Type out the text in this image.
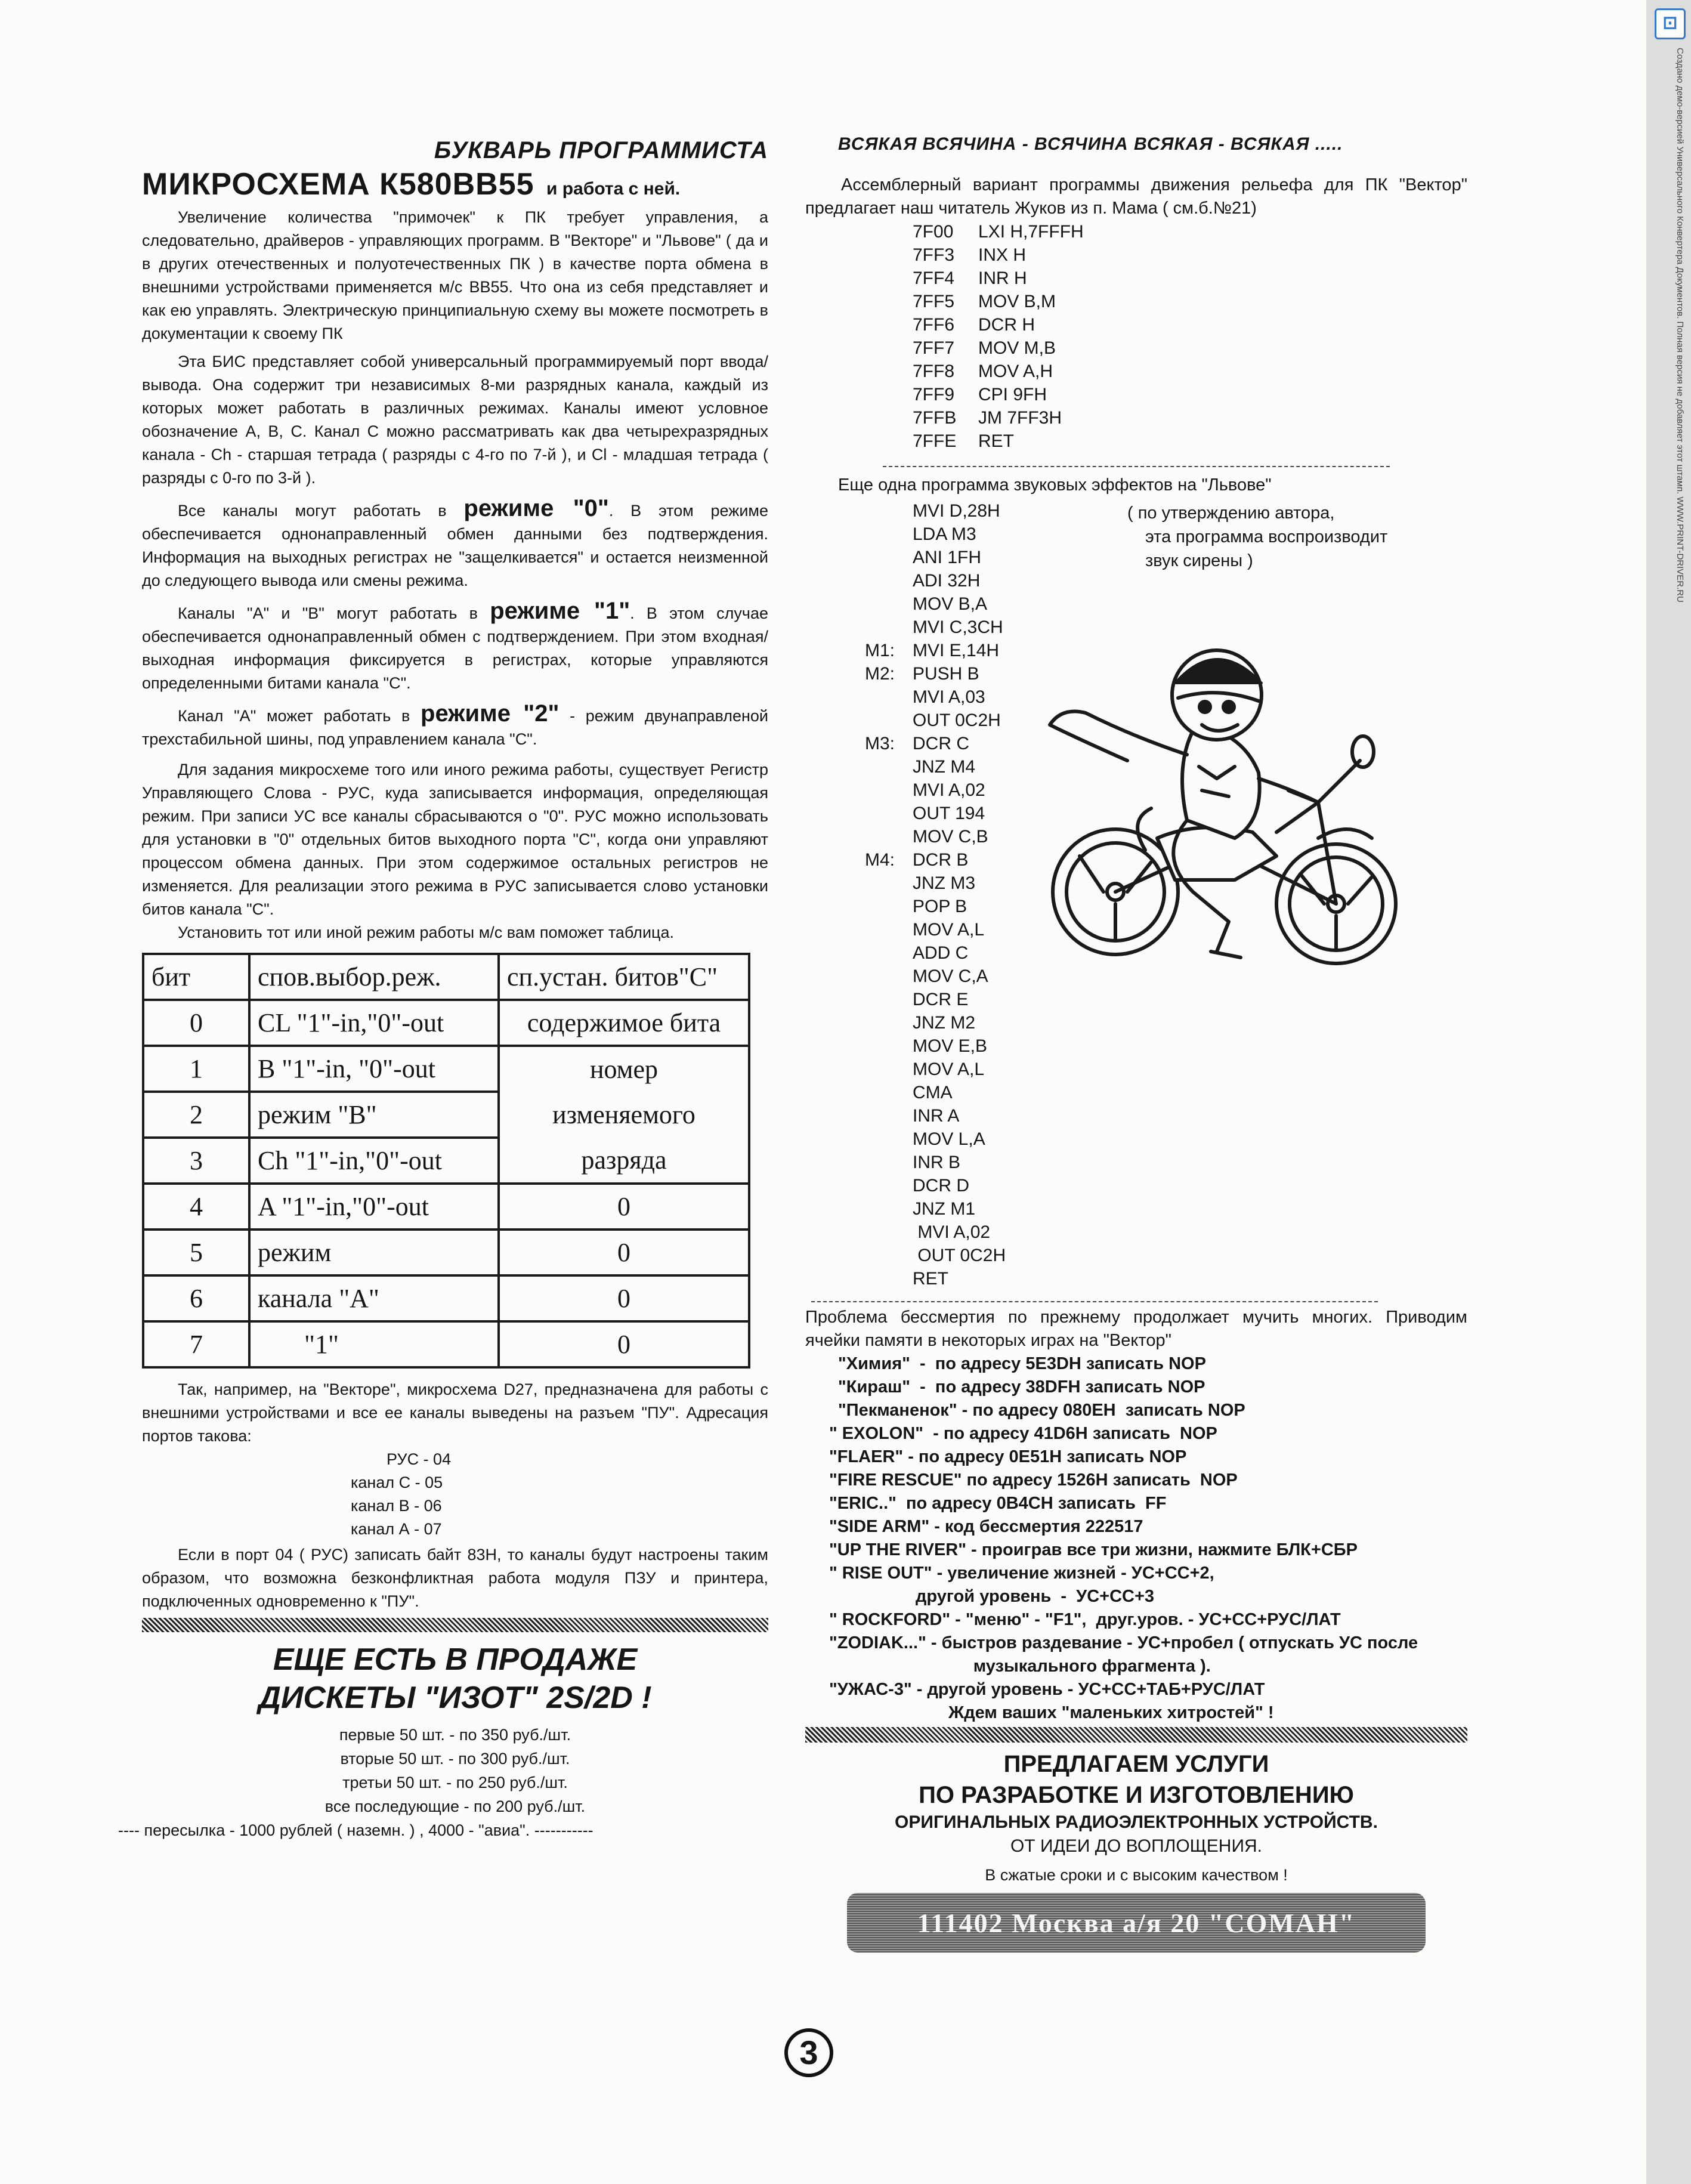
БУКВАРЬ ПРОГРАММИСТА
МИКРОСХЕМА К580ВВ55 и работа с ней.

Увеличение количества "примочек" к ПК требует управления, а следовательно, драйверов - управляющих программ. В "Векторе" и "Львове" ( да и в других отечественных и полуотечественных ПК ) в качестве порта обмена в внешними устройствами применяется м/с ВВ55. Что она из себя представляет и как ею управлять. Электрическую принципиальную схему вы можете посмотреть в документации к своему ПК

Эта БИС представляет собой универсальный программируемый порт ввода/вывода. Она содержит три независимых 8-ми разрядных канала, каждый из которых может работать в различных режимах. Каналы имеют условное обозначение А, В, С. Канал С можно рассматривать как два четырехразрядных канала - Ch - старшая тетрада ( разряды с 4-го по 7-й ), и Cl - младшая тетрада ( разряды с 0-го по 3-й ).

Все каналы могут работать в режиме "0". В этом режиме обеспечивается однонаправленный обмен данными без подтверждения. Информация на выходных регистрах не "защелкивается" и остается неизменной до следующего вывода или смены режима.

Каналы "А" и "В" могут работать в режиме "1". В этом случае обеспечивается однонаправленный обмен с подтверждением. При этом входная/выходная информация фиксируется в регистрах, которые управляются определенными битами канала "С".

Канал "А" может работать в режиме "2" - режим двунаправленой трехстабильной шины, под управлением канала "С".

Для задания микросхеме того или иного режима работы, существует Регистр Управляющего Слова - РУС, куда записывается информация, определяющая режим. При записи УС все каналы сбрасываются о "0". РУС можно использовать для установки в "0" отдельных битов выходного порта "С", когда они управляют процессом обмена данных. При этом содержимое остальных регистров не изменяется. Для реализации этого режима в РУС записывается слово установки битов канала "С".

Установить тот или иной режим работы м/с вам поможет таблица.

бит	спов.выбор.реж.	сп.устан. битов"С"
0	CL "1"-in,"0"-out	содержимое бита
1	В "1"-in, "0"-out	номер
2	режим "В"	изменяемого
3	Ch "1"-in,"0"-out	разряда
4	A "1"-in,"0"-out	0
5	режим	0
6	канала "А"	0
7	"1"	0

Так, например, на "Векторе", микросхема D27, предназначена для работы с внешними устройствами и все ее каналы выведены на разъем "ПУ". Адресация портов такова:

РУС - 04
канал С - 05
канал В - 06
канал А - 07

Если в порт 04 ( РУС) записать байт 83Н, то каналы будут настроены таким образом, что возможна безконфликтная работа модуля ПЗУ и принтера, подключенных одновременно к "ПУ".

ЕЩЕ ЕСТЬ В ПРОДАЖЕ
ДИСКЕТЫ "ИЗОТ" 2S/2D !
первые 50 шт. - по 350 руб./шт.
вторые 50 шт. - по 300 руб./шт.
третьи 50 шт. - по 250 руб./шт.
все последующие - по 200 руб./шт.
---- пересылка - 1000 рублей ( наземн. ) , 4000 - "авиа". -----------
ВСЯКАЯ ВСЯЧИНА - ВСЯЧИНА ВСЯКАЯ - ВСЯКАЯ .....

Ассемблерный вариант программы движения рельефа для ПК "Вектор" предлагает наш читатель Жуков из п. Мама ( см.б.№21)

7F00 LXI H,7FFFH
7FF3 INX H
7FF4 INR H
7FF5 MOV B,M
7FF6 DCR H
7FF7 MOV M,B
7FF8 MOV A,H
7FF9 CPI 9FH
7FFB JM 7FF3H
7FFE RET
Еще одна программа звуковых эффектов на "Львове"
( по утверждению автора,
эта программа воспроизводит
звук сирены )
MVI D,28H
LDA M3
ANI 1FH
ADI 32H
MOV B,A
MVI C,3CH
M1: MVI E,14H
M2: PUSH B
MVI A,03
OUT 0C2H
M3: DCR C
JNZ M4
MVI A,02
OUT 194
MOV C,B
M4: DCR B
JNZ M3
POP B
MOV A,L
ADD C
MOV C,A
DCR E
JNZ M2
MOV E,B
MOV A,L
CMA
INR A
MOV L,A
INR B
DCR D
JNZ M1
MVI A,02
OUT 0C2H
RET
Проблема бессмертия по прежнему продолжает мучить многих. Приводим ячейки памяти в некоторых играх на "Вектор"
"Химия"  -  по адресу 5E3DH записать NOP
"Кираш"  -  по адресу 38DFH записать NOP
"Пекманенок" - по адресу 080EH  записать NOP
" EXOLON"  - по адресу 41D6H записать  NOP
"FLAER" - по адресу 0E51H записать NOP
"FIRE RESCUE" по адресу 1526H записать  NOP
"ERIC.."  по адресу 0B4CH записать  FF
"SIDE ARM" - код бессмертия 222517
"UP THE RIVER" - проиграв все три жизни, нажмите БЛК+СБР
" RISE OUT" - увеличение жизней - УС+СС+2,
другой уровень  -  УС+СС+3
" ROCKFORD" - "меню" - "F1",  друг.уров. - УС+СС+РУС/ЛАТ
"ZODIAK..." - быстров раздевание - УС+пробел ( отпускать УС после
музыкального фрагмента ).
"УЖАС-3" - другой уровень - УС+СС+ТАБ+РУС/ЛАТ
Ждем ваших "маленьких хитростей" !
ПРЕДЛАГАЕМ УСЛУГИ
ПО РАЗРАБОТКЕ И ИЗГОТОВЛЕНИЮ
ОРИГИНАЛЬНЫХ РАДИОЭЛЕКТРОННЫХ УСТРОЙСТВ.
ОТ ИДЕИ ДО ВОПЛОЩЕНИЯ.
В сжатые сроки и с высоким качеством !
111402 Москва а/я 20 "СОМАН"
3
⊡
Создано демо-версией Универсального Конвертера Документов. Полная версия не добавляет этот штамп. WWW.PRINT-DRIVER.RU
